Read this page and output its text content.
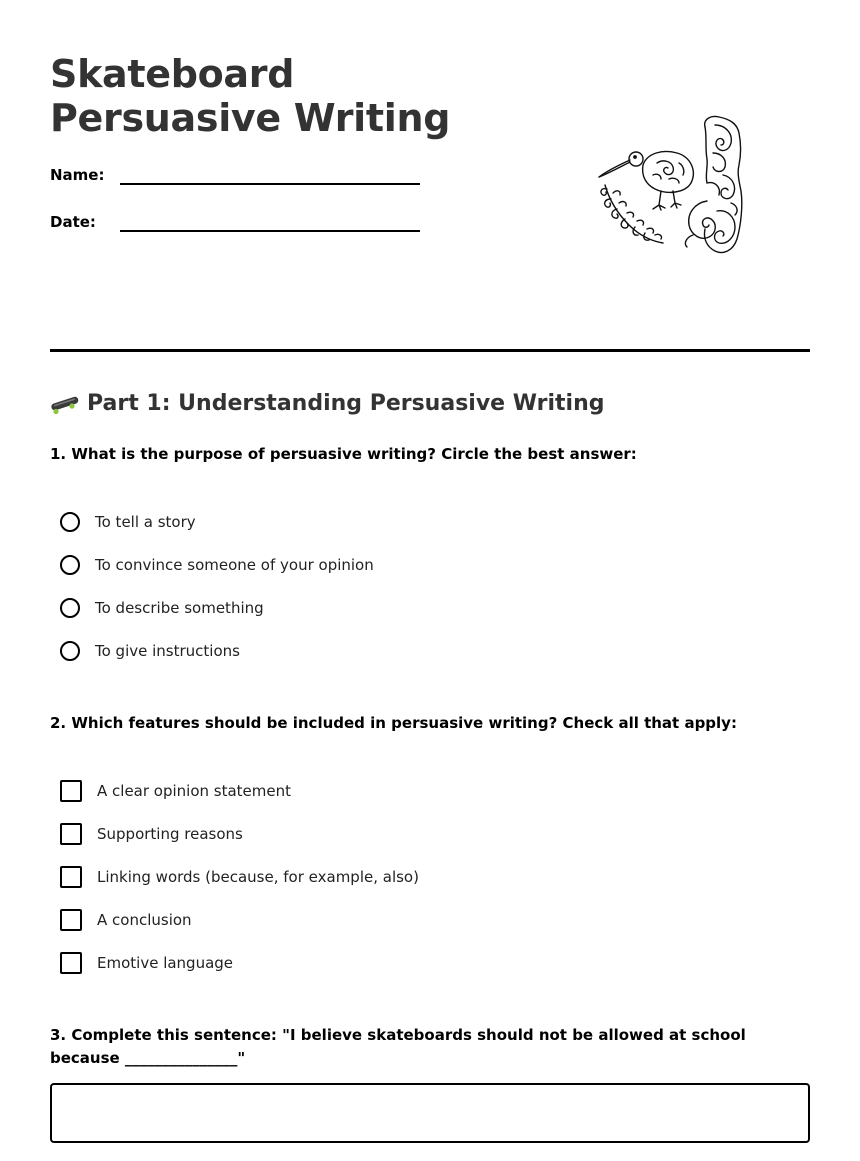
Skateboard Persuasive Writing
Name:
Date:
Part 1: Understanding Persuasive Writing
1. What is the purpose of persuasive writing? Circle the best answer:
To tell a story
To convince someone of your opinion
To describe something
To give instructions
2. Which features should be included in persuasive writing? Check all that apply:
A clear opinion statement
Supporting reasons
Linking words (because, for example, also)
A conclusion
Emotive language
3. Complete this sentence: "I believe skateboards should not be allowed at school because _______________"
